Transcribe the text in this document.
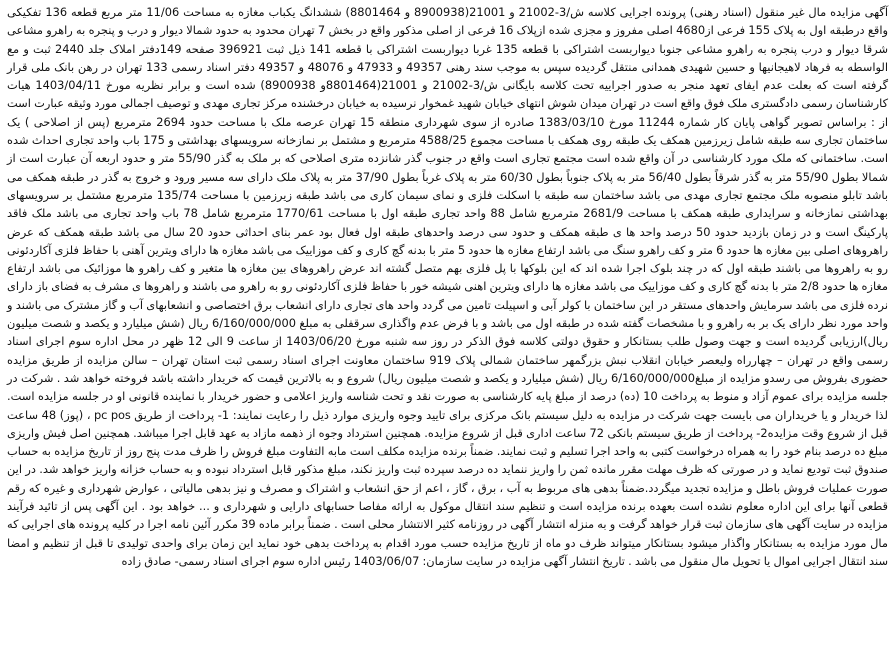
آگهی مزایده مال غیر منقول (اسناد رهنی) پرونده اجرایی کلاسه ش/3-21002 و 21001(8900938 و 8801464) ششدانگ یکباب مغازه به مساحت 11/06 متر مربع قطعه 136 تفکیکی واقع درطبقه اول به پلاک 155 فرعی از4680 اصلی مفروز و مجزی شده ازپلاک 16 فرعی از اصلی مذکور واقع در بخش 7 تهران محدود به حدود شمالا دیوار و درب و پنجره به راهرو مشاعی شرقا دیوار و درب پنجره به راهرو مشاعی جنوبا دیواربست اشتراکی با قطعه 135 غربا دیواربست اشتراکی با قطعه 141 ذیل ثبت 396921 صفحه 149دفتر املاک جلد 2440 ثبت و مع الواسطه به فرهاد لاهیجانیها و حسین شهیدی همدانی منتقل گردیده سپس به موجب سند رهنی 49357 و 47933 و 48076 و 49357 دفتر اسناد رسمی 133 تهران در رهن بانک ملی قرار گرفته است که بعلت عدم ایفای تعهد منجر به صدور اجراییه تحت کلاسه بایگانی ش/3-21002 و 21001(8801464و 8900938) شده است و برابر نظریه مورخ 1403/04/11 هیات کارشناسان رسمی دادگستری ملک فوق واقع است در تهران میدان شوش انتهای خیابان شهید غمخوار نرسیده به خیابان درخشنده مرکز تجاری مهدی و توصیف اجمالی مورد وثیقه عبارت است از : براساس تصویر گواهی پایان کار شماره 11244 مورخ 1383/03/10 صادره از سوی شهرداری منطقه 15 تهران عرصه ملک با مساحت حدود 2694 مترمربع (پس از اصلاحی ) یک ساختمان تجاری سه طبقه شامل زیرزمین همکف یک طبقه روی همکف با مساحت مجموع 4588/25 مترمربع و مشتمل بر نمازخانه سرویسهای بهداشتی و 175 باب واحد تجاری احداث شده است. ساختمانی که ملک مورد کارشناسی در آن واقع شده است مجتمع تجاری است واقع در جنوب گذر شانزده متری اصلاحی که بر ملک به گذر 55/90 متر و حدود اربعه آن عبارت است از شمالا بطول 55/90 متر به گذر شرقاً بطول 56/40 متر به پلاک جنوباً بطول 60/30 متر به پلاک غرباً بطول 37/90 متر به پلاک ملک دارای سه مسیر ورود و خروج به گذر در طبقه همکف می باشد تابلو منصوبه ملک مجتمع تجاری مهدی می باشد ساختمان سه طبقه با اسکلت فلزی و نمای سیمان کاری می باشد طبقه زیرزمین با مساحت 135/74 مترمربع مشتمل بر سرویسهای بهداشتی نمازخانه و سرایداری طبقه همکف با مساحت 2681/9 مترمربع شامل 88 واحد تجاری طبقه اول با مساحت 1770/61 مترمربع شامل 78 باب واحد تجاری می باشد ملک فاقد پارکینگ است و در زمان بازدید حدود 50 درصد واحد ها ی طبقه همکف و حدود سی درصد واحدهای طبقه اول فعال بود عمر بنای احداثی حدود 20 سال می باشد طبقه همکف که عرض راهروهای اصلی بین مغازه ها حدود 6 متر و کف راهرو سنگ می باشد ارتفاع مغازه ها حدود 5 متر با بدنه گچ کاری و کف موزاییک می باشد مغازه ها دارای ویترین آهنی با حفاظ فلزی آکاردئونی رو به راهروها می باشند طبقه اول که در چند بلوک اجرا شده اند که این بلوکها با پل فلزی بهم متصل گشته اند عرض راهروهای بین مغازه ها متغیر و کف راهرو ها موزائیک می باشد ارتفاع مغازه ها حدود 2/8 متر با بدنه گچ کاری و کف موزاییک می باشد مغازه ها دارای ویترین اهنی شیشه خور با حفاظ فلزی آکاردئونی رو به راهرو می باشند و راهروها ی مشرف به فضای باز دارای نرده فلزی می باشد سرمایش واحدهای مستقر در این ساختمان با کولر آبی و اسپیلت تامین می گردد واحد های تجاری دارای انشعاب برق اختصاصی و انشعابهای آب و گاز مشترک می باشند و واحد مورد نظر دارای یک بر به راهرو و با مشخصات گفته شده در طبقه اول می باشد و با فرض عدم واگذاری سرقفلی به مبلغ 6/160/000/000 ریال (شش میلیارد و یکصد و شصت میلیون ریال)ارزیابی گردیده است و جهت وصول طلب بستانکار و حقوق دولتی کلاسه فوق الذکر در روز سه شنبه مورخ 1403/06/20 از ساعت 9 الی 12 ظهر در محل اداره سوم اجرای اسناد رسمی واقع در تهران – چهارراه ولیعصر خیابان انقلاب نبش بزرگمهر ساختمان شمالی پلاک 919 ساختمان معاونت اجرای اسناد رسمی ثبت استان تهران – سالن مزایده از طریق مزایده حضوری بفروش می رسدو مزایده از مبلغ6/160/000/000 ریال (شش میلیارد و یکصد و شصت میلیون ریال) شروع و به بالاترین قیمت که خریدار داشته باشد فروخته خواهد شد . شرکت در جلسه مزایده برای عموم آزاد و منوط به پرداخت 10 (ده) درصد از مبلغ پایه کارشناسی به صورت نقد و تحت شناسه واریز اعلامی و حضور خریدار با نماینده قانونی او در جلسه مزایده است. لذا خریدار و یا خریداران می بایست جهت شرکت در مزایده به دلیل سیستم بانک مرکزی برای تایید وجوه واریزی موارد ذیل را رعایت نمایند: 1- پرداخت از طریق pc pos ، (پوز) 48 ساعت قبل از شروع وقت مزایده2- پرداخت از طریق سیستم بانکی 72 ساعت اداری قبل از شروع مزایده. همچنین استرداد وجوه از ذهمه مازاد به عهد قابل اجرا میباشد. همچنین اصل فیش واریزی مبلغ ده درصد بنام خود را به همراه درخواست کتبی به واحد اجرا تسلیم و ثبت نمایند. ضمناً برنده مزایده مکلف است مابه التفاوت مبلغ فروش را ظرف مدت پنج روز از تاریخ مزایده به حساب صندوق ثبت تودیع نماید و در صورتی که ظرف مهلت مقرر مانده ثمن را واریز ننماید ده درصد سپرده ثبت واریز نکند، مبلغ مذکور قابل استرداد نبوده و به حساب خزانه واریز خواهد شد. در این صورت عملیات فروش باطل و مزایده تجدید میگردد.ضمناً بدهی های مربوط به آب ، برق ، گاز ، اعم از حق انشعاب و اشتراک و مصرف و نیز بدهی مالیاتی ، عوارض شهرداری و غیره که رقم قطعی آنها برای این اداره معلوم نشده است بعهده برنده مزایده است و تنظیم سند انتقال موکول به ارائه مفاصا حسابهای دارایی و شهرداری و ... خواهد بود . این آگهی پس از تائید فرآیند مزایده در سایت آگهی های سازمان ثبت قرار خواهد گرفت و به منزله انتشار آگهی در روزنامه کثیر الانتشار محلی است . ضمناً برابر ماده 39 مکرر آئین نامه اجرا در کلیه پرونده های اجرایی که مال مورد مزایده به بستانکار واگذار میشود بستانکار میتواند ظرف دو ماه از تاریخ مزایده حسب مورد اقدام به پرداخت بدهی خود نماید این زمان برای واحدی تولیدی تا قبل از تنظیم و امضا سند انتقال اجرایی اموال یا تحویل مال منقول می باشد . تاریخ انتشار آگهی مزایده در سایت سازمان: 1403/06/07 رئیس اداره سوم اجرای اسناد رسمی- صادق زاده
